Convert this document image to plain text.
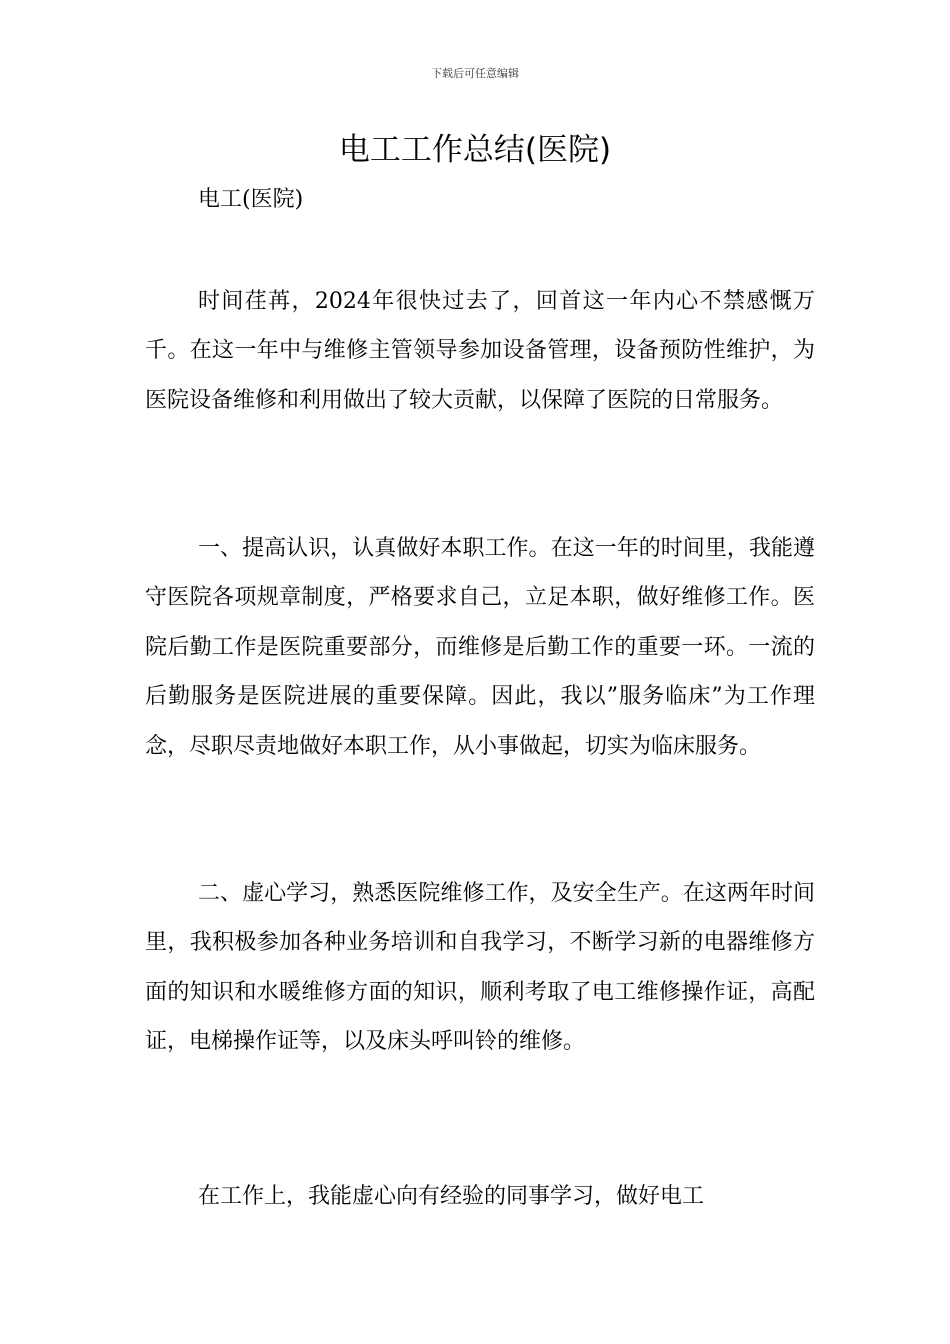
下载后可任意编辑
电工工作总结(医院)
电工(医院)

时间荏苒，2024年很快过去了，回首这一年内心不禁感慨万千。在这一年中与维修主管领导参加设备管理，设备预防性维护，为医院设备维修和利用做出了较大贡献，以保障了医院的日常服务。

一、提高认识，认真做好本职工作。在这一年的时间里，我能遵守医院各项规章制度，严格要求自己，立足本职，做好维修工作。医院后勤工作是医院重要部分，而维修是后勤工作的重要一环。一流的后勤服务是医院进展的重要保障。因此，我以”服务临床”为工作理念，尽职尽责地做好本职工作，从小事做起，切实为临床服务。

二、虚心学习，熟悉医院维修工作，及安全生产。在这两年时间里，我积极参加各种业务培训和自我学习，不断学习新的电器维修方面的知识和水暖维修方面的知识，顺利考取了电工维修操作证，高配证，电梯操作证等，以及床头呼叫铃的维修。

在工作上，我能虚心向有经验的同事学习，做好电工
